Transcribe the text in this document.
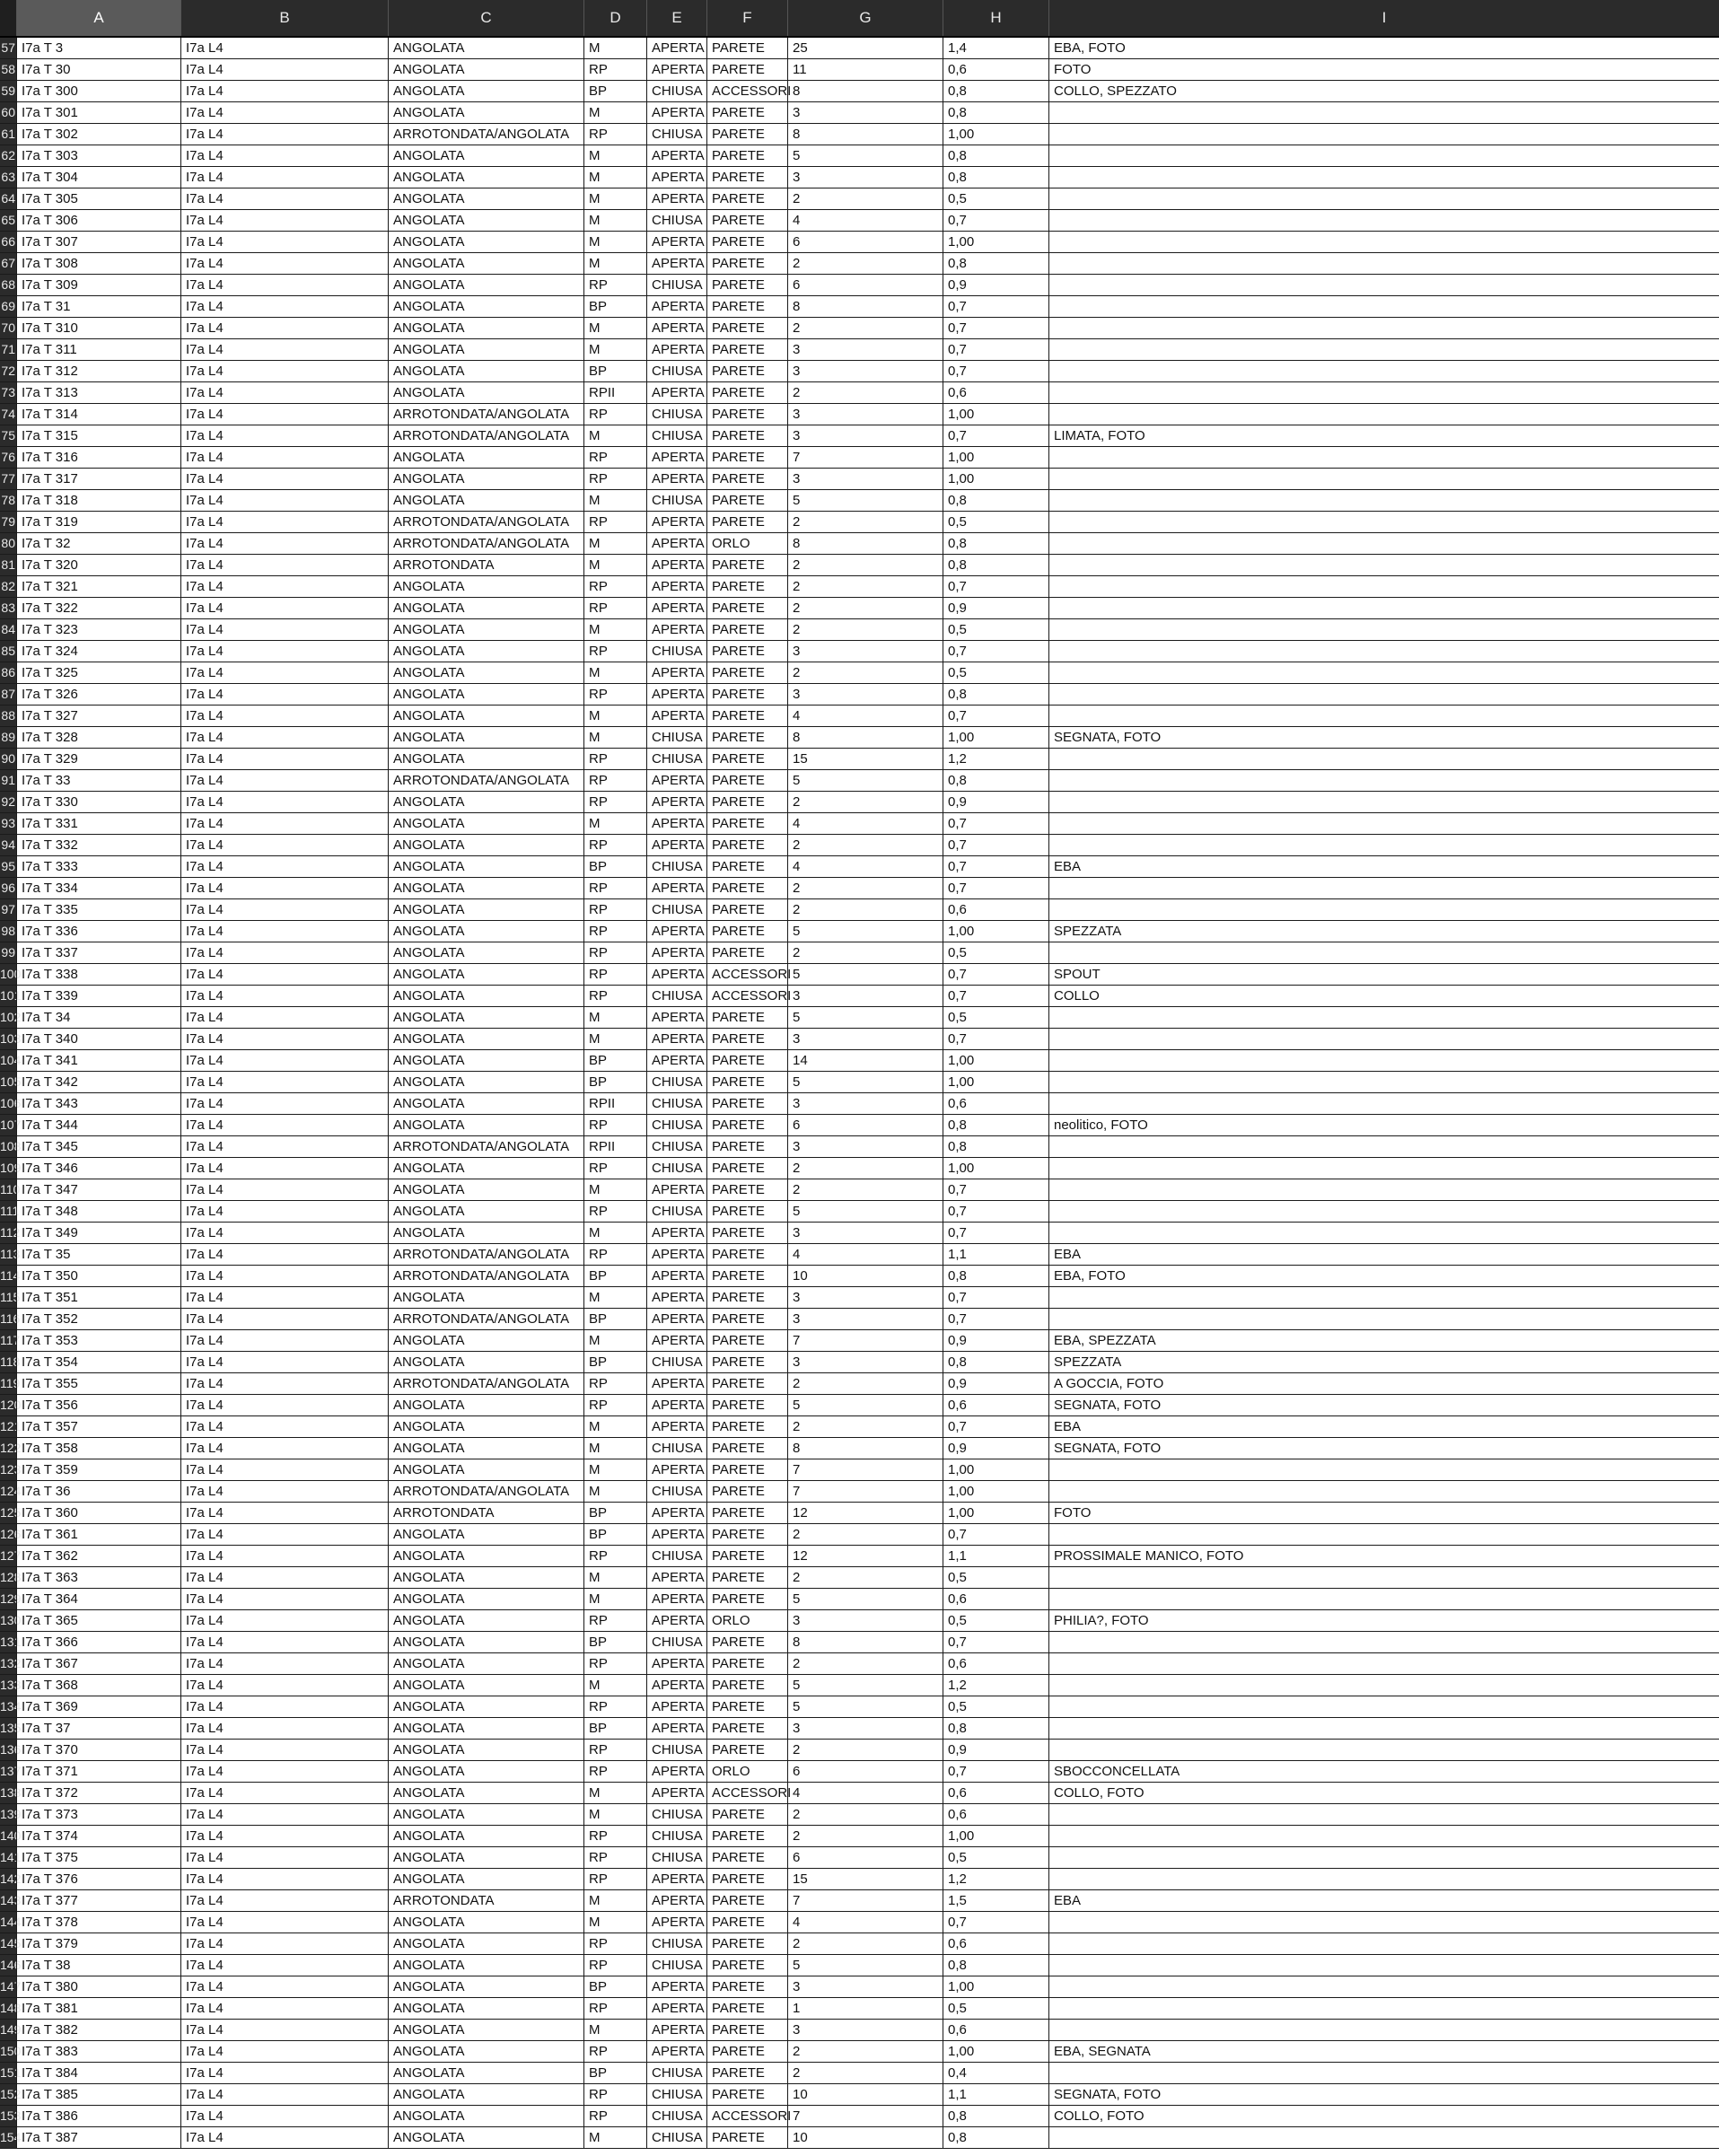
A	B	C	D	E	F	G	H	I
57 I7a T 3	I7a L4	ANGOLATA	M	APERTA PARETE	25	1,4	EBA, FOTO
58 I7a T 30	I7a L4	ANGOLATA	RP	APERTA PARETE	11	0,6	FOTO
59 I7a T 300	I7a L4	ANGOLATA	BP	CHIUSA ACCESSORI 8	0,8	COLLO, SPEZZATO
60 I7a T 301	I7a L4	ANGOLATA	M	APERTA PARETE	3	0,8
61 I7a T 302	I7a L4	ARROTONDATA/ANGOLATA	RP	CHIUSA PARETE	8	1,00
62 I7a T 303	I7a L4	ANGOLATA	M	APERTA PARETE	5	0,8
63 I7a T 304	I7a L4	ANGOLATA	M	APERTA PARETE	3	0,8
64 I7a T 305	I7a L4	ANGOLATA	M	APERTA PARETE	2	0,5
65 I7a T 306	I7a L4	ANGOLATA	M	CHIUSA PARETE	4	0,7
66 I7a T 307	I7a L4	ANGOLATA	M	APERTA PARETE	6	1,00
67 I7a T 308	I7a L4	ANGOLATA	M	APERTA PARETE	2	0,8
68 I7a T 309	I7a L4	ANGOLATA	RP	CHIUSA PARETE	6	0,9
69 I7a T 31	I7a L4	ANGOLATA	BP	APERTA PARETE	8	0,7
70 I7a T 310	I7a L4	ANGOLATA	M	APERTA PARETE	2	0,7
71 I7a T 311	I7a L4	ANGOLATA	M	APERTA PARETE	3	0,7
72 I7a T 312	I7a L4	ANGOLATA	BP	CHIUSA PARETE	3	0,7
73 I7a T 313	I7a L4	ANGOLATA	RPII	APERTA PARETE	2	0,6
74 I7a T 314	I7a L4	ARROTONDATA/ANGOLATA	RP	CHIUSA PARETE	3	1,00
75 I7a T 315	I7a L4	ARROTONDATA/ANGOLATA	M	CHIUSA PARETE	3	0,7	LIMATA, FOTO
76 I7a T 316	I7a L4	ANGOLATA	RP	APERTA PARETE	7	1,00
77 I7a T 317	I7a L4	ANGOLATA	RP	APERTA PARETE	3	1,00
78 I7a T 318	I7a L4	ANGOLATA	M	CHIUSA PARETE	5	0,8
79 I7a T 319	I7a L4	ARROTONDATA/ANGOLATA	RP	APERTA PARETE	2	0,5
80 I7a T 32	I7a L4	ARROTONDATA/ANGOLATA	M	APERTA ORLO	8	0,8
81 I7a T 320	I7a L4	ARROTONDATA	M	APERTA PARETE	2	0,8
82 I7a T 321	I7a L4	ANGOLATA	RP	APERTA PARETE	2	0,7
83 I7a T 322	I7a L4	ANGOLATA	RP	APERTA PARETE	2	0,9
84 I7a T 323	I7a L4	ANGOLATA	M	APERTA PARETE	2	0,5
85 I7a T 324	I7a L4	ANGOLATA	RP	CHIUSA PARETE	3	0,7
86 I7a T 325	I7a L4	ANGOLATA	M	APERTA PARETE	2	0,5
87 I7a T 326	I7a L4	ANGOLATA	RP	APERTA PARETE	3	0,8
88 I7a T 327	I7a L4	ANGOLATA	M	APERTA PARETE	4	0,7
89 I7a T 328	I7a L4	ANGOLATA	M	CHIUSA PARETE	8	1,00	SEGNATA, FOTO
90 I7a T 329	I7a L4	ANGOLATA	RP	CHIUSA PARETE	15	1,2
91 I7a T 33	I7a L4	ARROTONDATA/ANGOLATA	RP	APERTA PARETE	5	0,8
92 I7a T 330	I7a L4	ANGOLATA	RP	APERTA PARETE	2	0,9
93 I7a T 331	I7a L4	ANGOLATA	M	APERTA PARETE	4	0,7
94 I7a T 332	I7a L4	ANGOLATA	RP	APERTA PARETE	2	0,7
95 I7a T 333	I7a L4	ANGOLATA	BP	CHIUSA PARETE	4	0,7	EBA
96 I7a T 334	I7a L4	ANGOLATA	RP	APERTA PARETE	2	0,7
97 I7a T 335	I7a L4	ANGOLATA	RP	CHIUSA PARETE	2	0,6
98 I7a T 336	I7a L4	ANGOLATA	RP	APERTA PARETE	5	1,00	SPEZZATA
99 I7a T 337	I7a L4	ANGOLATA	RP	APERTA PARETE	2	0,5
100 I7a T 338	I7a L4	ANGOLATA	RP	APERTA ACCESSORI 5	0,7	SPOUT
101 I7a T 339	I7a L4	ANGOLATA	RP	CHIUSA ACCESSORI 3	0,7	COLLO
102 I7a T 34	I7a L4	ANGOLATA	M	APERTA PARETE	5	0,5
103 I7a T 340	I7a L4	ANGOLATA	M	APERTA PARETE	3	0,7
104 I7a T 341	I7a L4	ANGOLATA	BP	APERTA PARETE	14	1,00
105 I7a T 342	I7a L4	ANGOLATA	BP	CHIUSA PARETE	5	1,00
106 I7a T 343	I7a L4	ANGOLATA	RPII	CHIUSA PARETE	3	0,6
107 I7a T 344	I7a L4	ANGOLATA	RP	CHIUSA PARETE	6	0,8	neolitico, FOTO
108 I7a T 345	I7a L4	ARROTONDATA/ANGOLATA	RPII	CHIUSA PARETE	3	0,8
109 I7a T 346	I7a L4	ANGOLATA	RP	CHIUSA PARETE	2	1,00
110 I7a T 347	I7a L4	ANGOLATA	M	APERTA PARETE	2	0,7
111 I7a T 348	I7a L4	ANGOLATA	RP	CHIUSA PARETE	5	0,7
112 I7a T 349	I7a L4	ANGOLATA	M	APERTA PARETE	3	0,7
113 I7a T 35	I7a L4	ARROTONDATA/ANGOLATA	RP	APERTA PARETE	4	1,1	EBA
114 I7a T 350	I7a L4	ARROTONDATA/ANGOLATA	BP	APERTA PARETE	10	0,8	EBA, FOTO
115 I7a T 351	I7a L4	ANGOLATA	M	APERTA PARETE	3	0,7
116 I7a T 352	I7a L4	ARROTONDATA/ANGOLATA	BP	APERTA PARETE	3	0,7
117 I7a T 353	I7a L4	ANGOLATA	M	APERTA PARETE	7	0,9	EBA, SPEZZATA
118 I7a T 354	I7a L4	ANGOLATA	BP	CHIUSA PARETE	3	0,8	SPEZZATA
119 I7a T 355	I7a L4	ARROTONDATA/ANGOLATA	RP	APERTA PARETE	2	0,9	A GOCCIA, FOTO
120 I7a T 356	I7a L4	ANGOLATA	RP	APERTA PARETE	5	0,6	SEGNATA, FOTO
121 I7a T 357	I7a L4	ANGOLATA	M	APERTA PARETE	2	0,7	EBA
122 I7a T 358	I7a L4	ANGOLATA	M	CHIUSA PARETE	8	0,9	SEGNATA, FOTO
123 I7a T 359	I7a L4	ANGOLATA	M	APERTA PARETE	7	1,00
124 I7a T 36	I7a L4	ARROTONDATA/ANGOLATA	M	CHIUSA PARETE	7	1,00
125 I7a T 360	I7a L4	ARROTONDATA	BP	APERTA PARETE	12	1,00	FOTO
126 I7a T 361	I7a L4	ANGOLATA	BP	APERTA PARETE	2	0,7
127 I7a T 362	I7a L4	ANGOLATA	RP	CHIUSA PARETE	12	1,1	PROSSIMALE MANICO, FOTO
128 I7a T 363	I7a L4	ANGOLATA	M	APERTA PARETE	2	0,5
129 I7a T 364	I7a L4	ANGOLATA	M	APERTA PARETE	5	0,6
130 I7a T 365	I7a L4	ANGOLATA	RP	APERTA ORLO	3	0,5	PHILIA?, FOTO
131 I7a T 366	I7a L4	ANGOLATA	BP	CHIUSA PARETE	8	0,7
132 I7a T 367	I7a L4	ANGOLATA	RP	APERTA PARETE	2	0,6
133 I7a T 368	I7a L4	ANGOLATA	M	APERTA PARETE	5	1,2
134 I7a T 369	I7a L4	ANGOLATA	RP	APERTA PARETE	5	0,5
135 I7a T 37	I7a L4	ANGOLATA	BP	APERTA PARETE	3	0,8
136 I7a T 370	I7a L4	ANGOLATA	RP	CHIUSA PARETE	2	0,9
137 I7a T 371	I7a L4	ANGOLATA	RP	APERTA ORLO	6	0,7	SBOCCONCELLATA
138 I7a T 372	I7a L4	ANGOLATA	M	APERTA ACCESSORI 4	0,6	COLLO, FOTO
139 I7a T 373	I7a L4	ANGOLATA	M	CHIUSA PARETE	2	0,6
140 I7a T 374	I7a L4	ANGOLATA	RP	CHIUSA PARETE	2	1,00
141 I7a T 375	I7a L4	ANGOLATA	RP	CHIUSA PARETE	6	0,5
142 I7a T 376	I7a L4	ANGOLATA	RP	APERTA PARETE	15	1,2
143 I7a T 377	I7a L4	ARROTONDATA	M	APERTA PARETE	7	1,5	EBA
144 I7a T 378	I7a L4	ANGOLATA	M	APERTA PARETE	4	0,7
145 I7a T 379	I7a L4	ANGOLATA	RP	CHIUSA PARETE	2	0,6
146 I7a T 38	I7a L4	ANGOLATA	RP	CHIUSA PARETE	5	0,8
147 I7a T 380	I7a L4	ANGOLATA	BP	APERTA PARETE	3	1,00
148 I7a T 381	I7a L4	ANGOLATA	RP	APERTA PARETE	1	0,5
149 I7a T 382	I7a L4	ANGOLATA	M	APERTA PARETE	3	0,6
150 I7a T 383	I7a L4	ANGOLATA	RP	APERTA PARETE	2	1,00	EBA, SEGNATA
151 I7a T 384	I7a L4	ANGOLATA	BP	CHIUSA PARETE	2	0,4
152 I7a T 385	I7a L4	ANGOLATA	RP	CHIUSA PARETE	10	1,1	SEGNATA, FOTO
153 I7a T 386	I7a L4	ANGOLATA	RP	CHIUSA ACCESSORI 7	0,8	COLLO, FOTO
154 I7a T 387	I7a L4	ANGOLATA	M	CHIUSA PARETE	10	0,8
